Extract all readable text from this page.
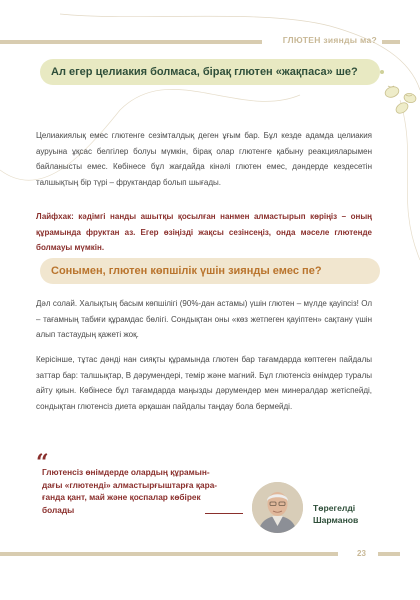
ГЛЮТЕН зиянды ма?
Ал егер целиакия болмаса, бірақ глютен «жақпаса» ше?

Целиакиялық емес глютенге сезімталдық деген ұғым бар. Бұл кезде адамда целиакия ауруына ұқсас белгілер болуы мүмкін, бірақ олар глютенге қабыну реакцияларымен байланысты емес. Көбінесе бұл жағдайда кінәлі глютен емес, дәндерде кездесетін талшықтың бір түрі – фруктандар болып шығады.

Лайфхак: кәдімгі нанды ашытқы қосылған нанмен алмастырып көріңіз – оның құрамында фруктан аз. Егер өзіңізді жақсы сезінсеңіз, онда мәселе глютенде болмауы мүмкін.

Сонымен, глютен көпшілік үшін зиянды емес пе?

Дәл солай. Халықтың басым көпшілігі (90%-дан астамы) үшін глютен – мүлде қауіпсіз! Ол – тағамның табиғи құрамдас бөлігі. Сондықтан оны «көз жетпеген қауіптен» сақтану үшін алып тастаудың қажеті жоқ.

Керісінше, тұтас дәнді нан сияқты құрамында глютен бар тағамдарда көптеген пайдалы заттар бар: талшықтар, В дәрумендері, темір және магний. Бұл глютенсіз өнімдер туралы айту қиын. Көбінесе бұл тағамдарда маңызды дәрумендер мен минералдар жетіспейді, сондықтан глютенсіз диета әрқашан пайдалы таңдау бола бермейді.

“
Глютенсіз өнімдерде олардың құрамын-
дағы «глютенді» алмастырғыштарға қара-
ғанда қант, май және қоспалар көбірек
болады	Төрегелді
Шарманов
23
